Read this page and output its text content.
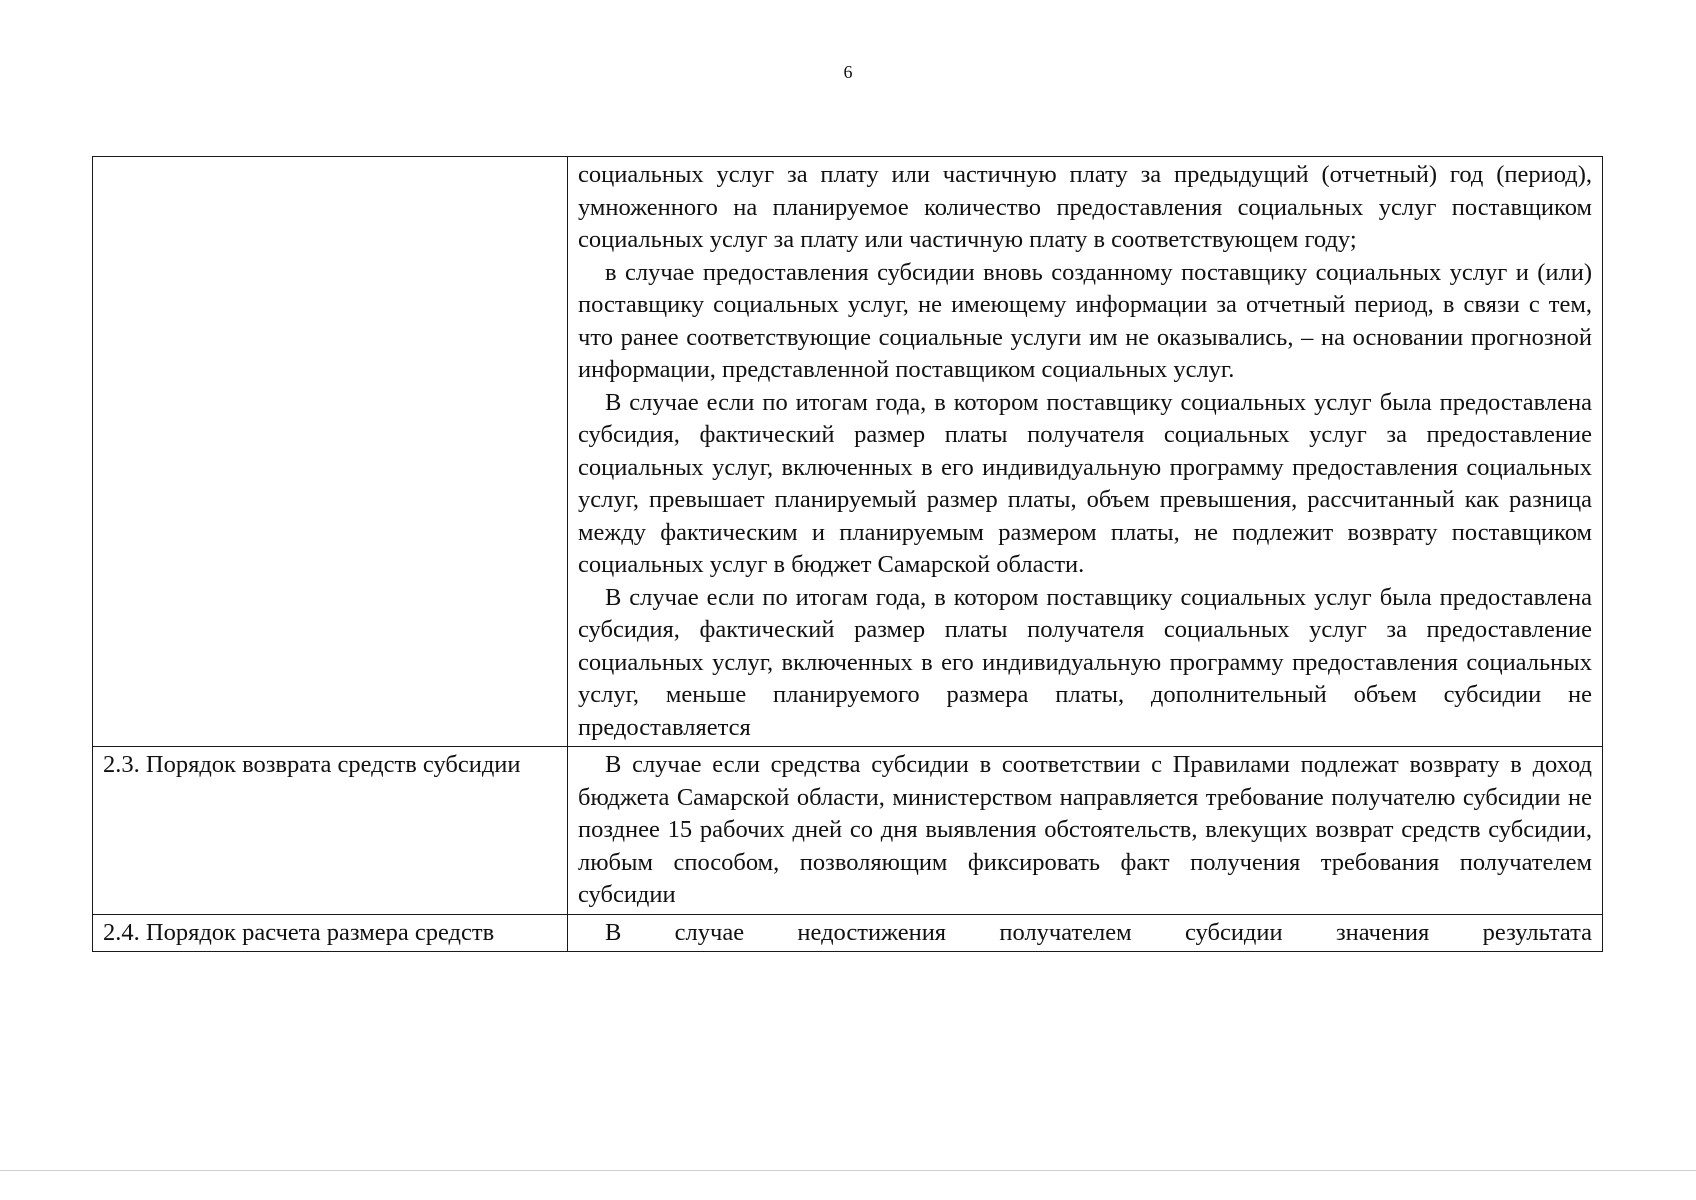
6

	социальных услуг за плату или частичную плату за предыдущий (отчетный) год (период), умноженного на планируемое количество предоставления социальных услуг поставщиком социальных услуг за плату или частичную плату в соответствующем году;

в случае предоставления субсидии вновь созданному поставщику социальных услуг и (или) поставщику социальных услуг, не имеющему информации за отчетный период, в связи с тем, что ранее соответствующие социальные услуги им не оказывались, – на основании прогнозной информации, представленной поставщиком социальных услуг.

В случае если по итогам года, в котором поставщику социальных услуг была предоставлена субсидия, фактический размер платы получателя социальных услуг за предоставление социальных услуг, включенных в его индивидуальную программу предоставления социальных услуг, превышает планируемый размер платы, объем превышения, рассчитанный как разница между фактическим и планируемым размером платы, не подлежит возврату поставщиком социальных услуг в бюджет Самарской области.

В случае если по итогам года, в котором поставщику социальных услуг была предоставлена субсидия, фактический размер платы получателя социальных услуг за предоставление социальных услуг, включенных в его индивидуальную программу предоставления социальных услуг, меньше планируемого размера платы, дополнительный объем субсидии не предоставляется

2.3. Порядок возврата средств субсидии	В случае если средства субсидии в соответствии с Правилами подлежат возврату в доход бюджета Самарской области, министерством направляется требование получателю субсидии не позднее 15 рабочих дней со дня выявления обстоятельств, влекущих возврат средств субсидии, любым способом, позволяющим фиксировать факт получения требования получателем субсидии

2.4. Порядок расчета размера средств	В случае недостижения получателем субсидии значения результата
